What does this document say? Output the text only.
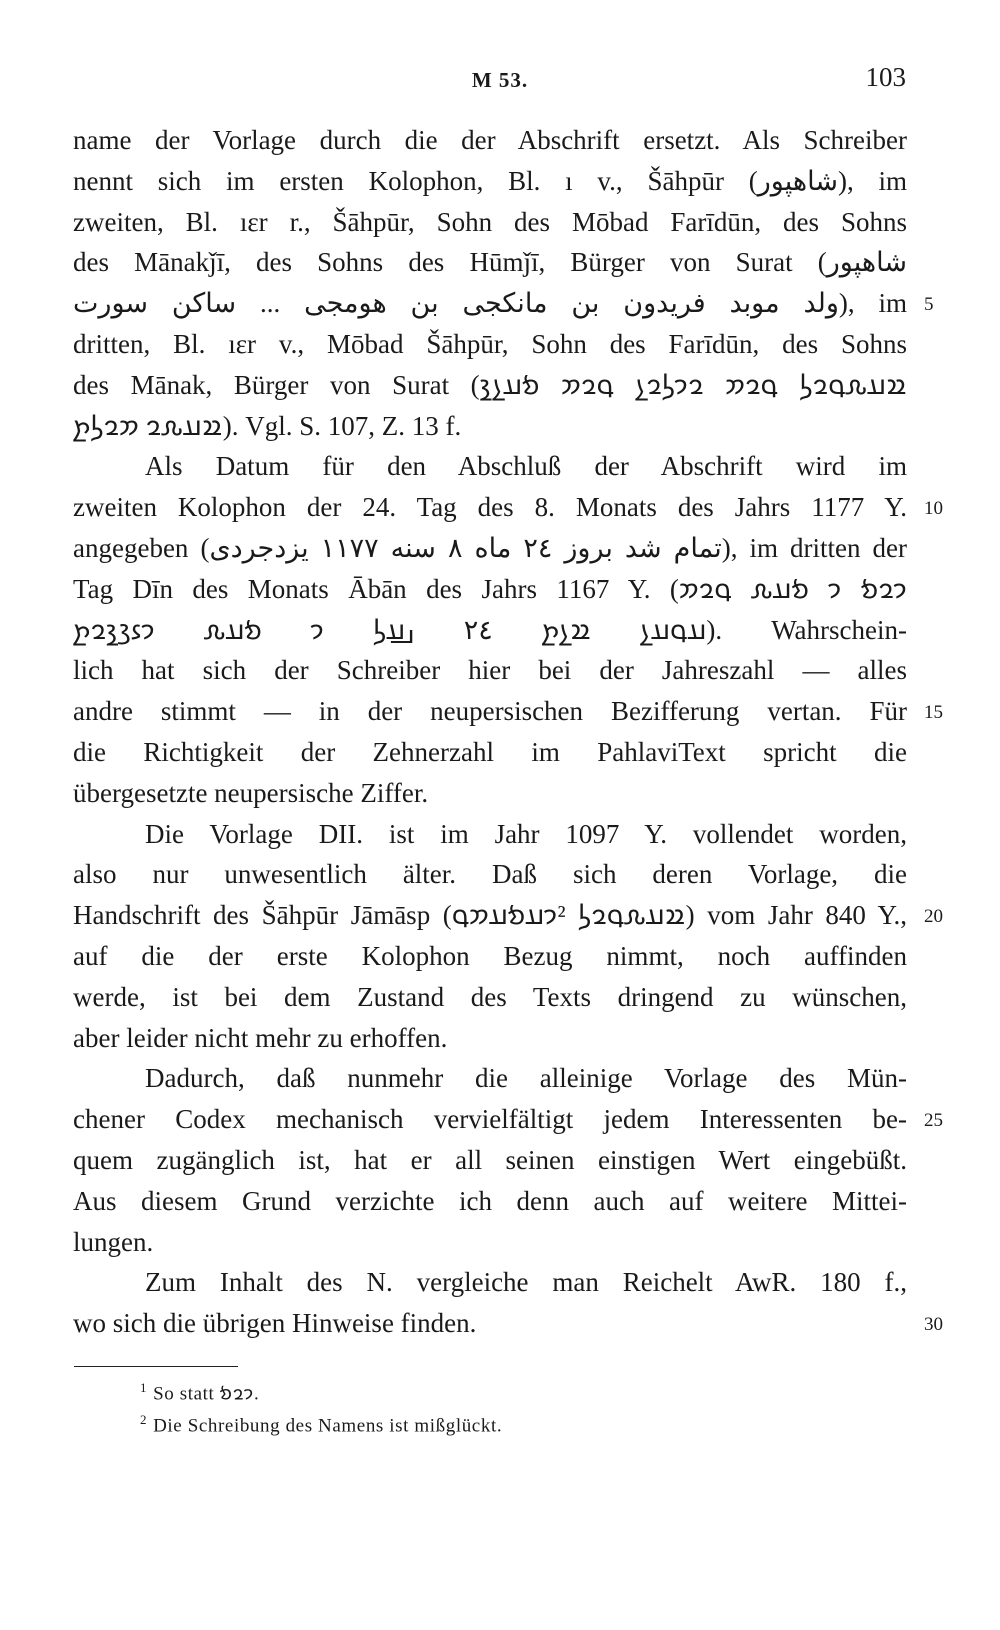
M 53.	103
name der Vorlage durch die der Abschrift ersetzt. Als Schreiber
nennt sich im ersten Kolophon, Bl. ı v., Šāhpūr (شاهپور), im
zweiten, Bl. ıεr r., Šāhpūr, Sohn des Mōbad Farīdūn, des Sohns
des Mānakǰī, des Sohns des Hūmǰī, Bürger von Surat (شاهپور
ولد موبد فریدون بن مانکجی بن هومجی ... ساکن سورت), im 5
dritten, Bl. ıεr v., Mōbad Šāhpūr, Sohn des Farīdūn, des Sohns
des Mānak, Bürger von Surat (𐭱𐭠𐭧𐭯𐭥𐭫 𐭯𐭥𐭮 𐭥𐭩𐭫𐭥𐭭 𐭯𐭥𐭮 𐭬𐭠𐭭𐭪
𐭱𐭠𐭧𐭥 𐭮𐭥𐭫𐭲). Vgl. S. 107, Z. 13 f.
Als Datum für den Abschluß der Abschrift wird im
zweiten Kolophon der 24. Tag des 8. Monats des Jahrs 1177 Y. 10
angegeben (تمام شد بروز ٢٤ ماه ٨ سنه ١١٧٧ یزدجردی), im dritten der
Tag Dīn des Monats Ābān des Jahrs 1167 Y. (𐭩𐭥𐭬 𐭩 𐭬𐭠𐭧 𐭯𐭥𐭮
𐭠𐭯𐭠𐭭 𐭱𐭭𐭲 ٢٤ 𐭡𐭠𐭫 𐭩 𐭬𐭠𐭧 𐭩𐭦𐭣𐭪𐭥𐭲). Wahrschein-
lich hat sich der Schreiber hier bei der Jahreszahl — alles
andre stimmt — in der neupersischen Bezifferung vertan. Für 15
die Richtigkeit der Zehnerzahl im PahlaviText spricht die
übergesetzte neupersische Ziffer.
Die Vorlage DII. ist im Jahr 1097 Y. vollendet worden,
also nur unwesentlich älter. Daß sich deren Vorlage, die
Handschrift des Šāhpūr Jāmāsp (𐭱𐭠𐭧𐭯𐭥𐭫 ²𐭩𐭠𐭬𐭠𐭮𐭯) vom Jahr 840 Y., 20
auf die der erste Kolophon Bezug nimmt, noch auffinden
werde, ist bei dem Zustand des Texts dringend zu wünschen,
aber leider nicht mehr zu erhoffen.
Dadurch, daß nunmehr die alleinige Vorlage des Mün-
chener Codex mechanisch vervielfältigt jedem Interessenten be- 25
quem zugänglich ist, hat er all seinen einstigen Wert eingebüßt.
Aus diesem Grund verzichte ich denn auch auf weitere Mittei-
lungen.
Zum Inhalt des N. vergleiche man Reichelt AwR. 180 f.,
wo sich die übrigen Hinweise finden.	30
$^1$ So statt 𐭩𐭥𐭬.
$^2$ Die Schreibung des Namens ist mißglückt.
